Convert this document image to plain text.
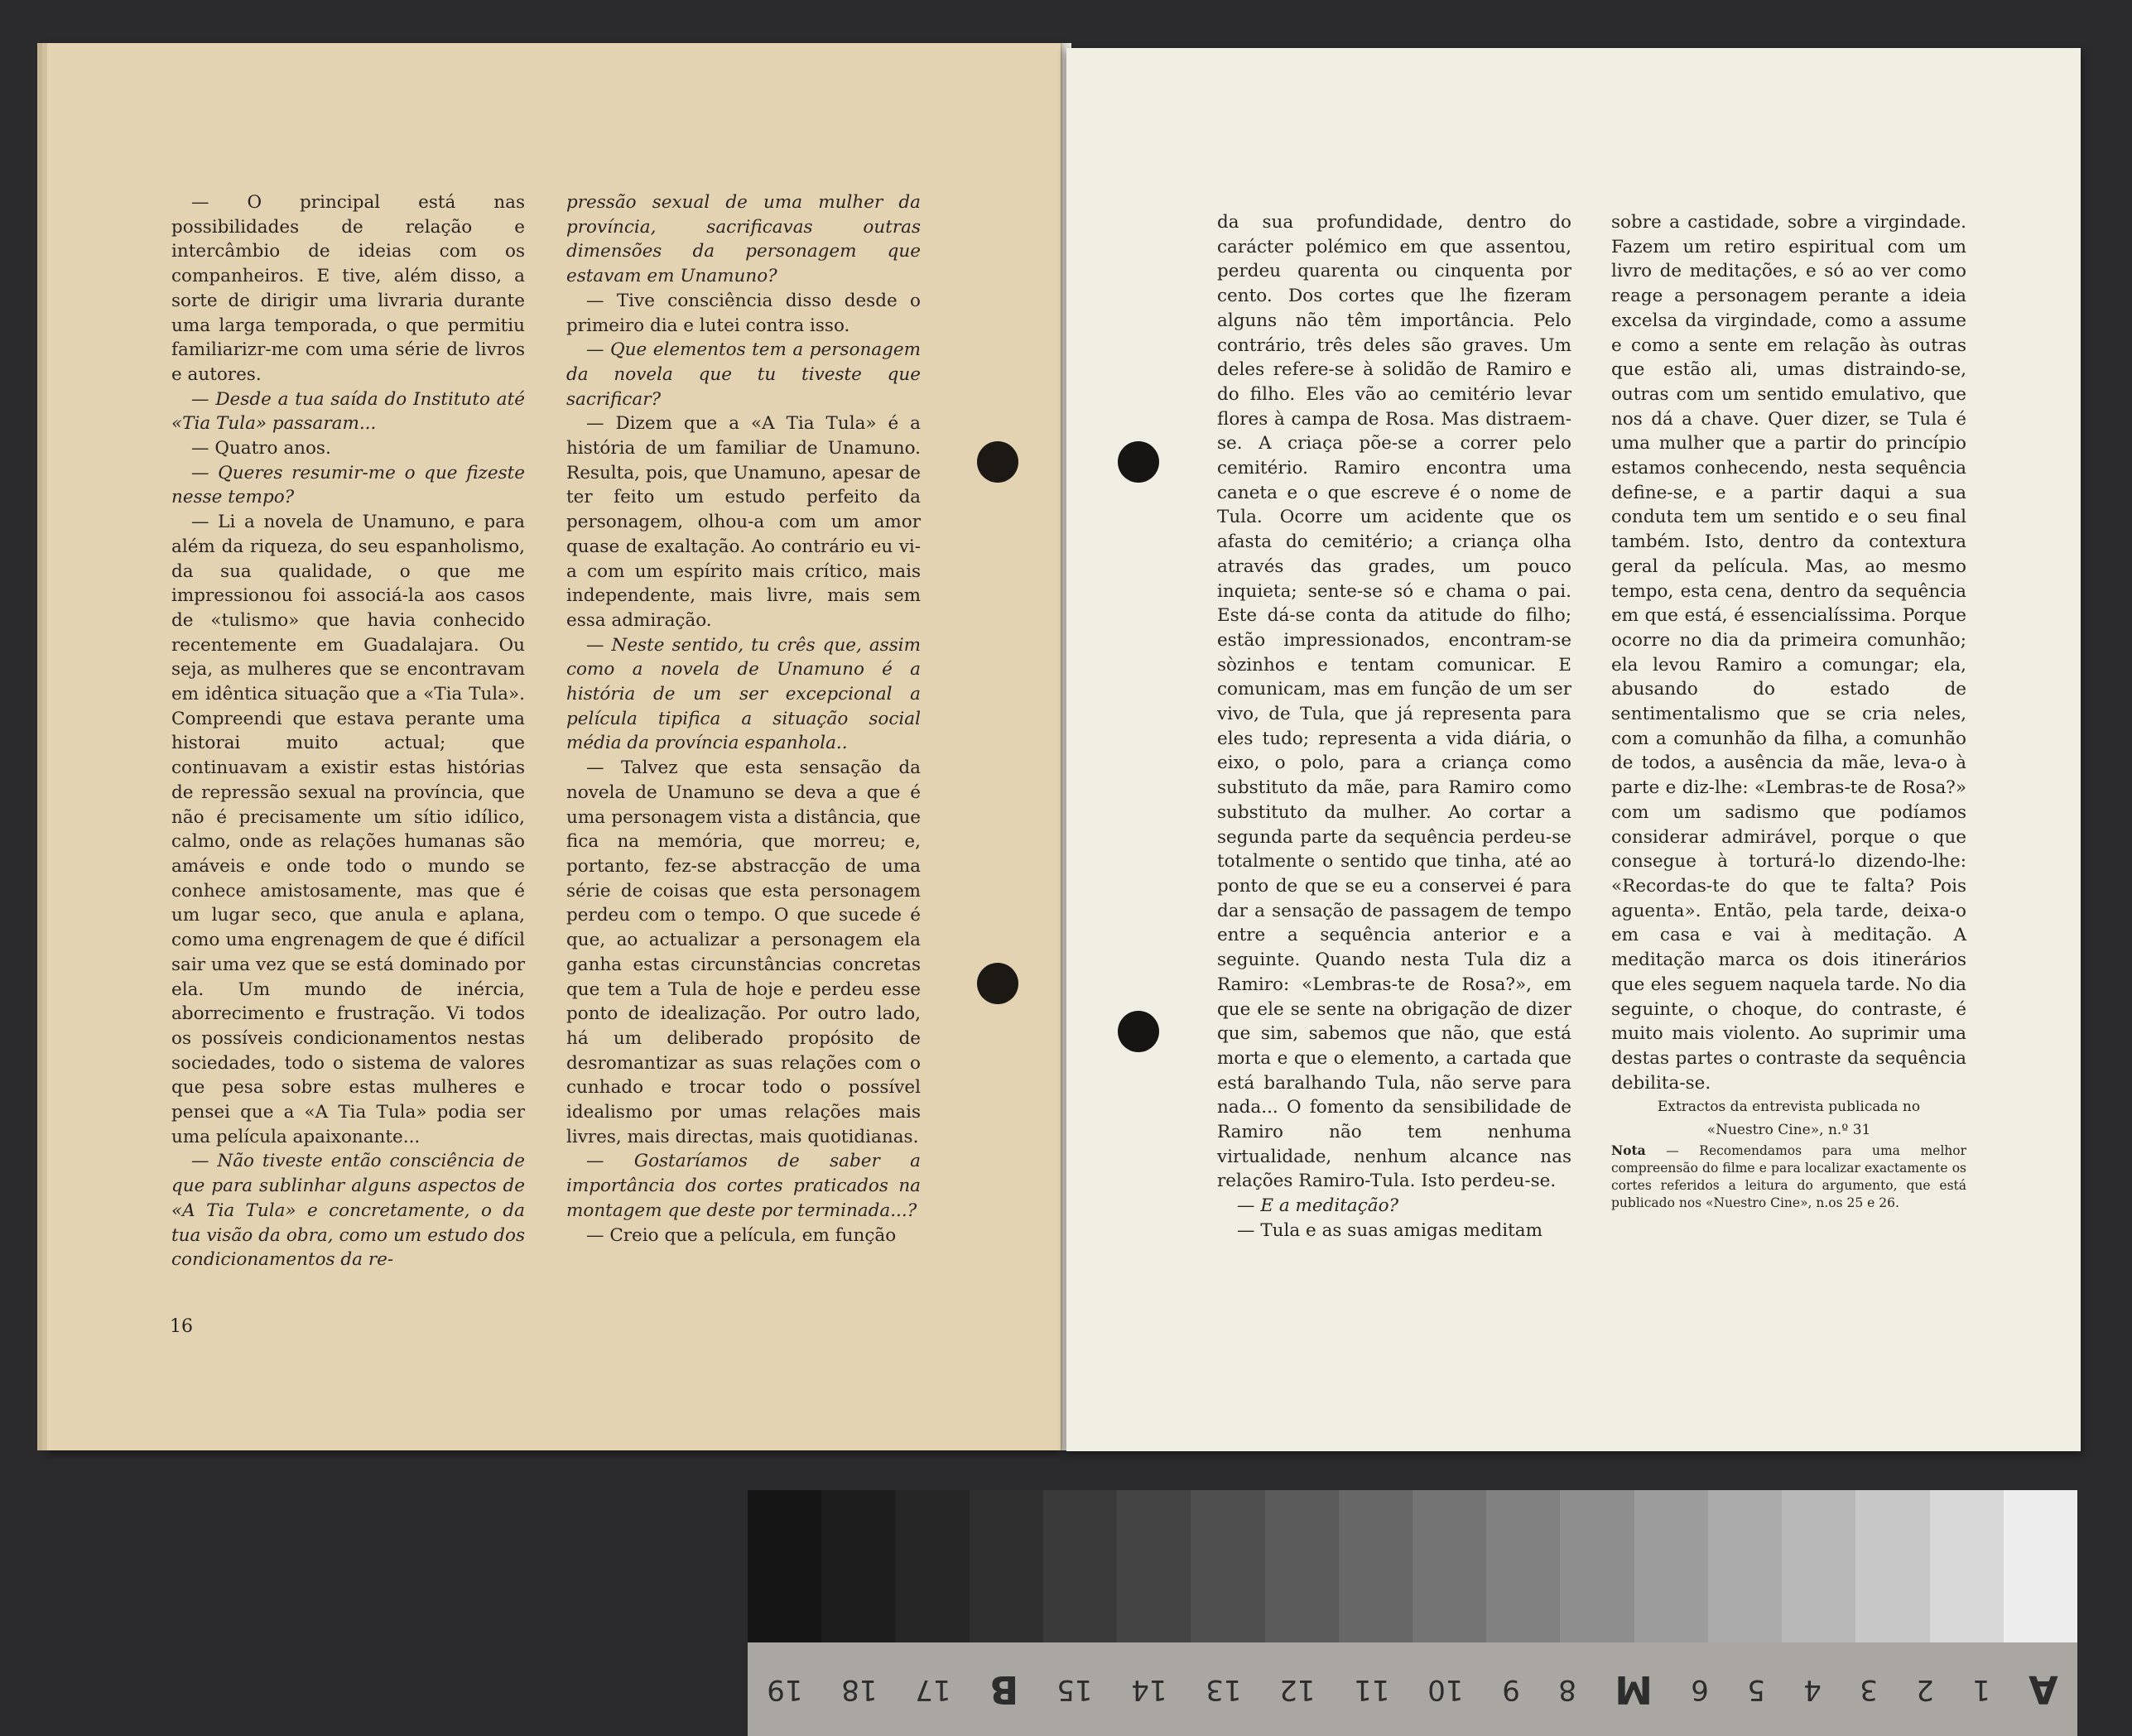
— O principal está nas possibilidades de relação e intercâmbio de ideias com os companheiros. E tive, além disso, a sorte de dirigir uma livraria durante uma larga temporada, o que permitiu familiarizr-me com uma série de livros e autores.

— Desde a tua saída do Instituto até «Tia Tula» passaram...

— Quatro anos.

— Queres resumir-me o que fizeste nesse tempo?

— Li a novela de Unamuno, e para além da riqueza, do seu espanholismo, da sua qualidade, o que me impressionou foi associá-la aos casos de «tulismo» que havia conhecido recentemente em Guadalajara. Ou seja, as mulheres que se encontravam em idêntica situação que a «Tia Tula». Compreendi que estava perante uma historai muito actual; que continuavam a existir estas histórias de repressão sexual na província, que não é precisamente um sítio idílico, calmo, onde as relações humanas são amáveis e onde todo o mundo se conhece amistosamente, mas que é um lugar seco, que anula e aplana, como uma engrenagem de que é difícil sair uma vez que se está dominado por ela. Um mundo de inércia, aborrecimento e frustração. Vi todos os possíveis condicionamentos nestas sociedades, todo o sistema de valores que pesa sobre estas mulheres e pensei que a «A Tia Tula» podia ser uma película apaixonante...

— Não tiveste então consciência de que para sublinhar alguns aspectos de «A Tia Tula» e concretamente, o da tua visão da obra, como um estudo dos condicionamentos da re-

pressão sexual de uma mulher da província, sacrificavas outras dimensões da personagem que estavam em Unamuno?

— Tive consciência disso desde o primeiro dia e lutei contra isso.

— Que elementos tem a personagem da novela que tu tiveste que sacrificar?

— Dizem que a «A Tia Tula» é a história de um familiar de Unamuno. Resulta, pois, que Unamuno, apesar de ter feito um estudo perfeito da personagem, olhou-a com um amor quase de exaltação. Ao contrário eu vi-a com um espírito mais crítico, mais independente, mais livre, mais sem essa admiração.

— Neste sentido, tu crês que, assim como a novela de Unamuno é a história de um ser excepcional a película tipifica a situação social média da província espanhola..

— Talvez que esta sensação da novela de Unamuno se deva a que é uma personagem vista a distância, que fica na memória, que morreu; e, portanto, fez-se abstracção de uma série de coisas que esta personagem perdeu com o tempo. O que sucede é que, ao actualizar a personagem ela ganha estas circunstâncias concretas que tem a Tula de hoje e perdeu esse ponto de idealização. Por outro lado, há um deliberado propósito de desromantizar as suas relações com o cunhado e trocar todo o possível idealismo por umas relações mais livres, mais directas, mais quotidianas.

— Gostaríamos de saber a importância dos cortes praticados na montagem que deste por terminada...?

— Creio que a película, em função

16

da sua profundidade, dentro do carácter polémico em que assentou, perdeu quarenta ou cinquenta por cento. Dos cortes que lhe fizeram alguns não têm importância. Pelo contrário, três deles são graves. Um deles refere-se à solidão de Ramiro e do filho. Eles vão ao cemitério levar flores à campa de Rosa. Mas distraem-se. A criaça põe-se a correr pelo cemitério. Ramiro encontra uma caneta e o que escreve é o nome de Tula. Ocorre um acidente que os afasta do cemitério; a criança olha através das grades, um pouco inquieta; sente-se só e chama o pai. Este dá-se conta da atitude do filho; estão impressionados, encontram-se sòzinhos e tentam comunicar. E comunicam, mas em função de um ser vivo, de Tula, que já representa para eles tudo; representa a vida diária, o eixo, o polo, para a criança como substituto da mãe, para Ramiro como substituto da mulher. Ao cortar a segunda parte da sequência perdeu-se totalmente o sentido que tinha, até ao ponto de que se eu a conservei é para dar a sensação de passagem de tempo entre a sequência anterior e a seguinte. Quando nesta Tula diz a Ramiro: «Lembras-te de Rosa?», em que ele se sente na obrigação de dizer que sim, sabemos que não, que está morta e que o elemento, a cartada que está baralhando Tula, não serve para nada... O fomento da sensibilidade de Ramiro não tem nenhuma virtualidade, nenhum alcance nas relações Ramiro-Tula. Isto perdeu-se.

— E a meditação?

— Tula e as suas amigas meditam

sobre a castidade, sobre a virgindade. Fazem um retiro espiritual com um livro de meditações, e só ao ver como reage a personagem perante a ideia excelsa da virgindade, como a assume e como a sente em relação às outras que estão ali, umas distraindo-se, outras com um sentido emulativo, que nos dá a chave. Quer dizer, se Tula é uma mulher que a partir do princípio estamos conhecendo, nesta sequência define-se, e a partir daqui a sua conduta tem um sentido e o seu final também. Isto, dentro da contextura geral da película. Mas, ao mesmo tempo, esta cena, dentro da sequência em que está, é essencialíssima. Porque ocorre no dia da primeira comunhão; ela levou Ramiro a comungar; ela, abusando do estado de sentimentalismo que se cria neles, com a comunhão da filha, a comunhão de todos, a ausência da mãe, leva-o à parte e diz-lhe: «Lembras-te de Rosa?» com um sadismo que podíamos considerar admirável, porque o que consegue à torturá-lo dizendo-lhe: «Recordas-te do que te falta? Pois aguenta». Então, pela tarde, deixa-o em casa e vai à meditação. A meditação marca os dois itinerários que eles seguem naquela tarde. No dia seguinte, o choque, do contraste, é muito mais violento. Ao suprimir uma destas partes o contraste da sequência debilita-se.

Extractos da entrevista publicada no
«Nuestro Cine», n.º 31

Nota — Recomendamos para uma melhor compreensão do filme e para localizar exactamente os cortes referidos a leitura do argumento, que está publicado nos «Nuestro Cine», n.os 25 e 26.

19	18	17	B	15	14	13	12	11	10	9	8	M	6	5	4	3	2	1	A
